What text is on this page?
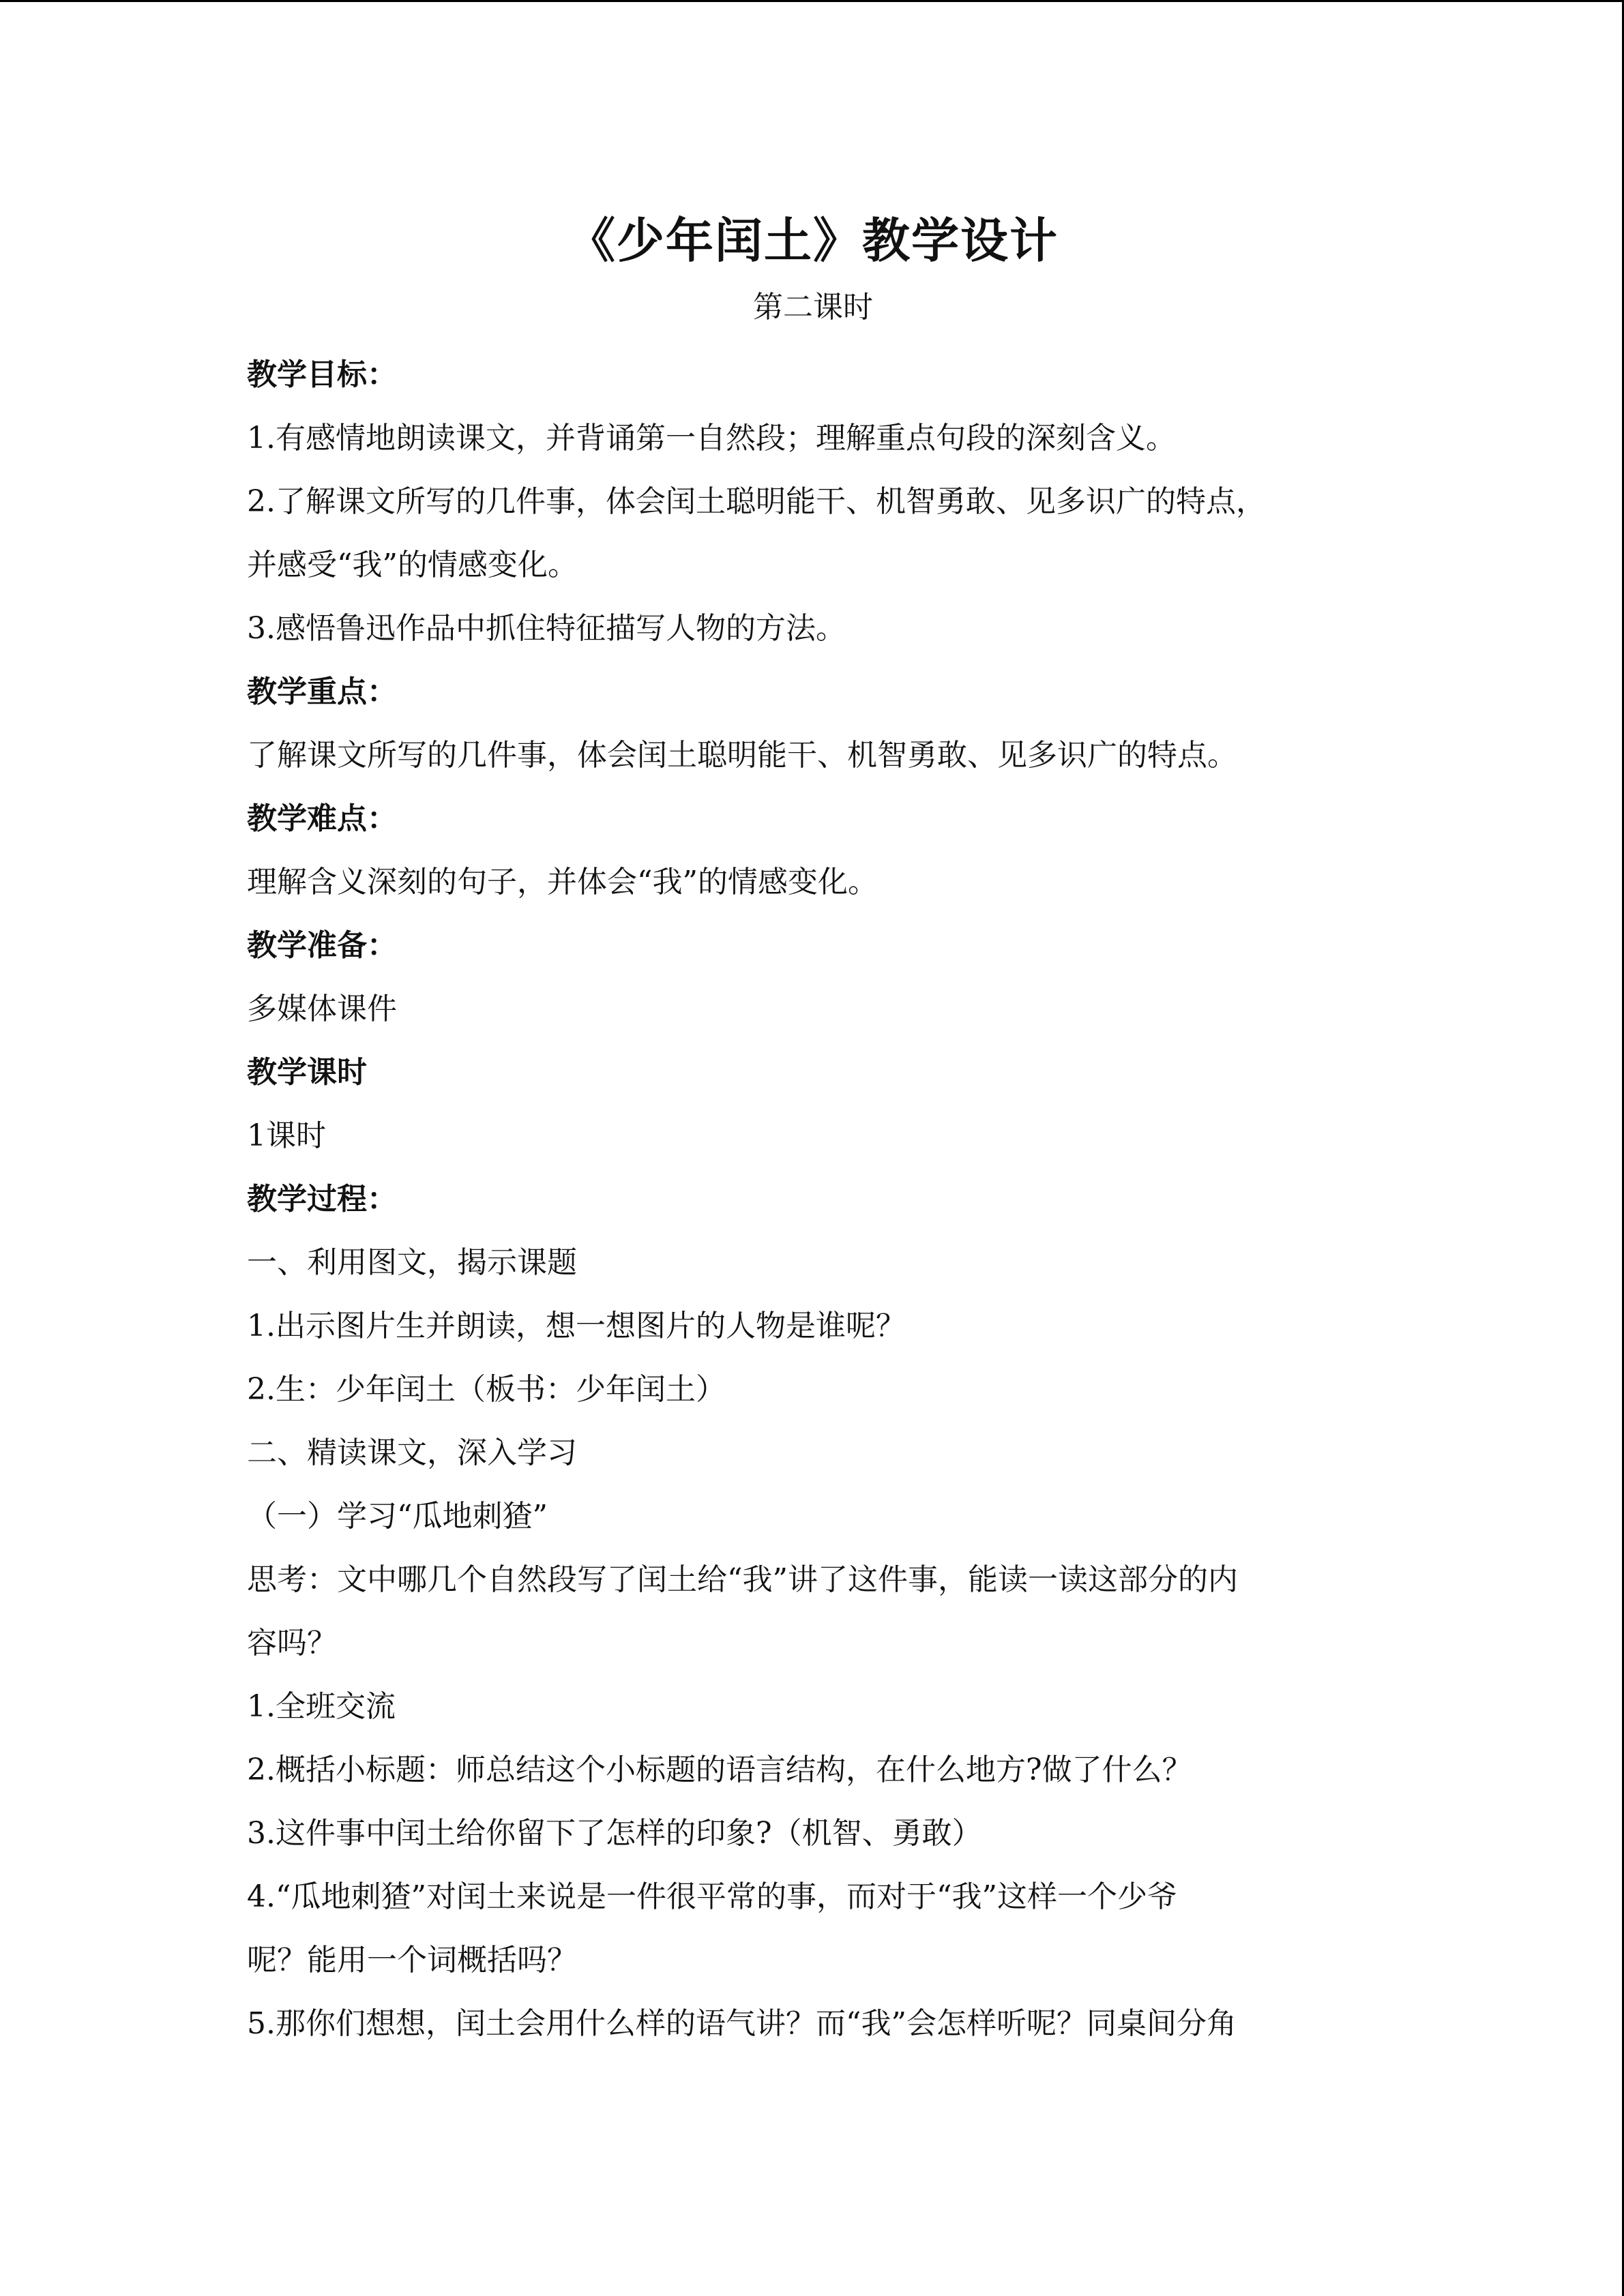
《少年闰土》教学设计
第二课时

教学目标：

1.有感情地朗读课文，并背诵第一自然段；理解重点句段的深刻含义。

2.了解课文所写的几件事，体会闰土聪明能干、机智勇敢、见多识广的特点，

并感受“我”的情感变化。

3.感悟鲁迅作品中抓住特征描写人物的方法。

教学重点：

了解课文所写的几件事，体会闰土聪明能干、机智勇敢、见多识广的特点。

教学难点：

理解含义深刻的句子，并体会“我”的情感变化。

教学准备：

多媒体课件

教学课时

1课时

教学过程：

一、利用图文，揭示课题

1.出示图片生并朗读，想一想图片的人物是谁呢？

2.生：少年闰土（板书：少年闰土）

二、精读课文，深入学习

（一）学习“瓜地刺猹”

思考：文中哪几个自然段写了闰土给“我”讲了这件事，能读一读这部分的内

容吗？

1.全班交流

2.概括小标题：师总结这个小标题的语言结构，在什么地方?做了什么？

3.这件事中闰土给你留下了怎样的印象?（机智、勇敢）

4.“瓜地刺猹”对闰土来说是一件很平常的事，而对于“我”这样一个少爷

呢？能用一个词概括吗？

5.那你们想想，闰土会用什么样的语气讲？而“我”会怎样听呢？同桌间分角
